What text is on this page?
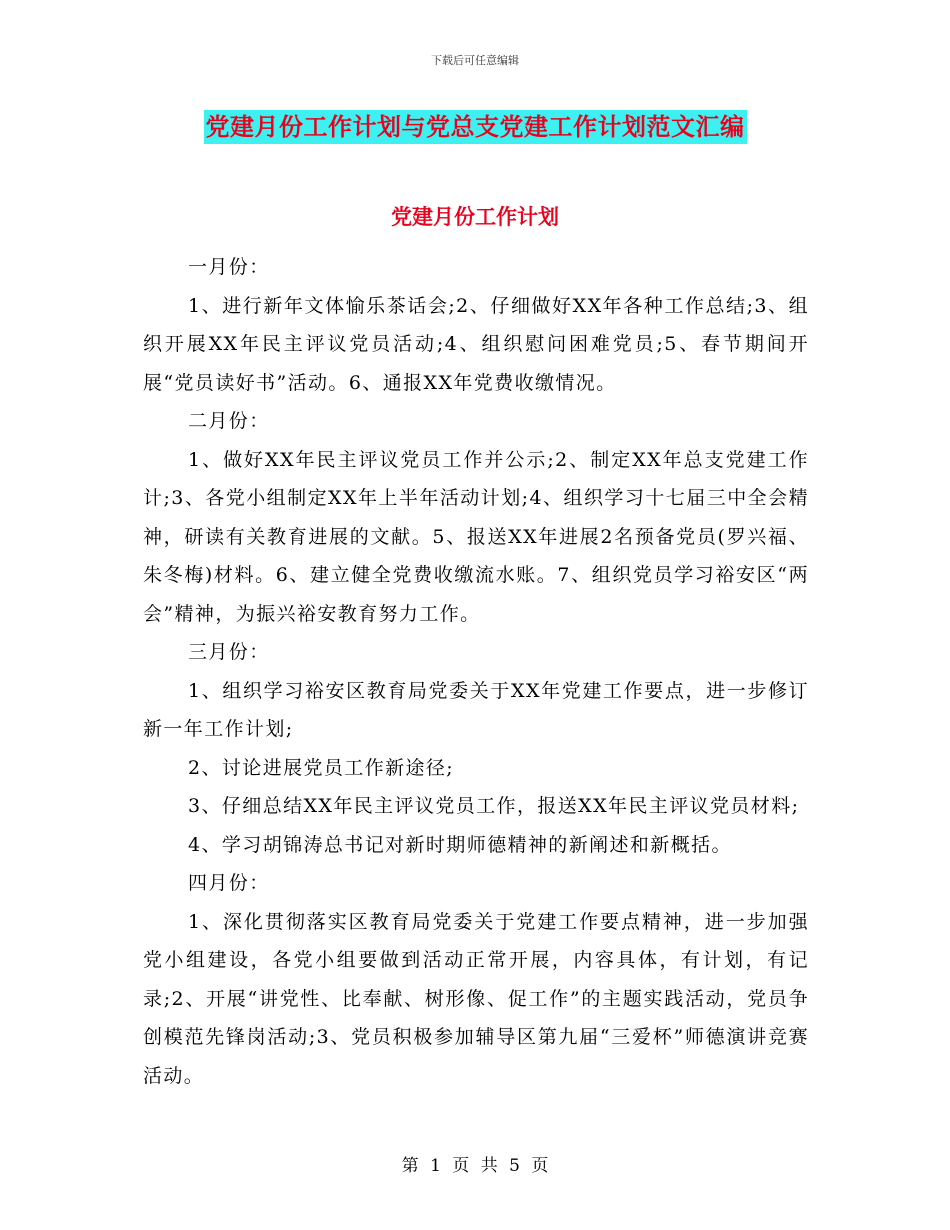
下载后可任意编辑
党建月份工作计划与党总支党建工作计划范文汇编
党建月份工作计划

一月份：

1、进行新年文体愉乐茶话会;2、仔细做好XX年各种工作总结;3、组织开展XX年民主评议党员活动;4、组织慰问困难党员;5、春节期间开展“党员读好书”活动。6、通报XX年党费收缴情况。

二月份：

1、做好XX年民主评议党员工作并公示;2、制定XX年总支党建工作计;3、各党小组制定XX年上半年活动计划;4、组织学习十七届三中全会精神，研读有关教育进展的文献。5、报送XX年进展2名预备党员(罗兴福、朱冬梅)材料。6、建立健全党费收缴流水账。7、组织党员学习裕安区“两会”精神，为振兴裕安教育努力工作。

三月份：

1、组织学习裕安区教育局党委关于XX年党建工作要点，进一步修订新一年工作计划;

2、讨论进展党员工作新途径;

3、仔细总结XX年民主评议党员工作，报送XX年民主评议党员材料;

4、学习胡锦涛总书记对新时期师德精神的新阐述和新概括。

四月份：

1、深化贯彻落实区教育局党委关于党建工作要点精神，进一步加强党小组建设，各党小组要做到活动正常开展，内容具体，有计划，有记录;2、开展“讲党性、比奉献、树形像、促工作”的主题实践活动，党员争创模范先锋岗活动;3、党员积极参加辅导区第九届“三爱杯”师德演讲竞赛活动。

第 1 页 共 5 页
